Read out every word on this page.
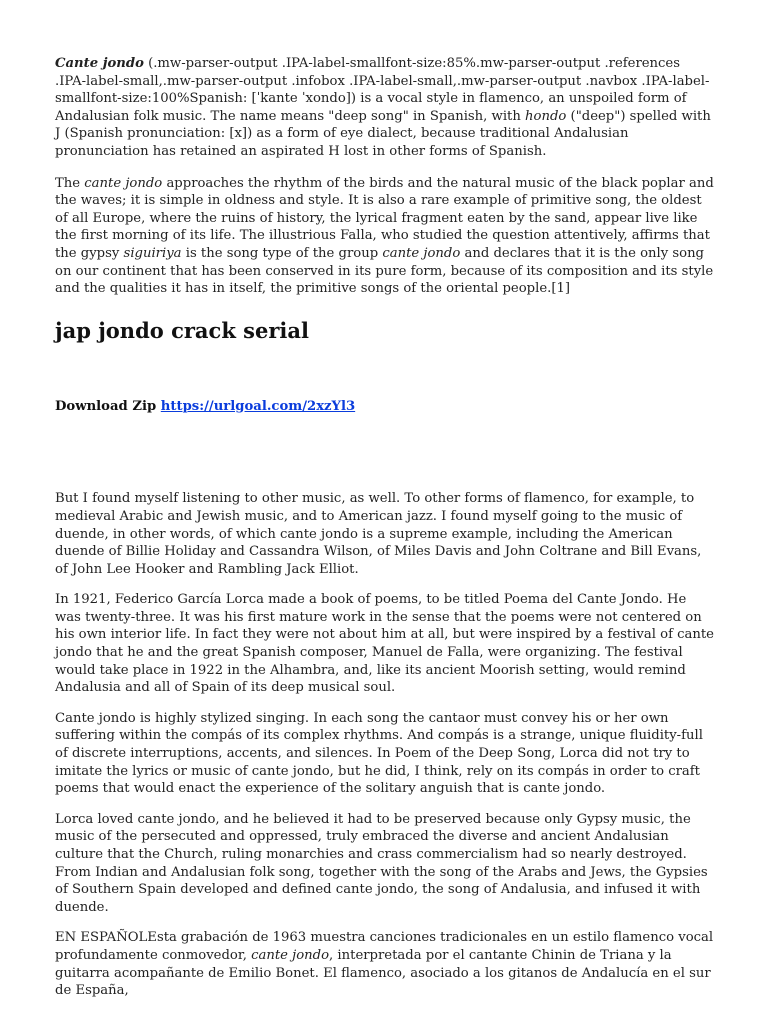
Cante jondo (.mw-parser-output .IPA-label-smallfont-size:85%.mw-parser-output .references .IPA-label-small,.mw-parser-output .infobox .IPA-label-small,.mw-parser-output .navbox .IPA-label-smallfont-size:100%Spanish: [ˈkante ˈxondo]) is a vocal style in flamenco, an unspoiled form of Andalusian folk music. The name means "deep song" in Spanish, with hondo ("deep") spelled with J (Spanish pronunciation: [x]) as a form of eye dialect, because traditional Andalusian pronunciation has retained an aspirated H lost in other forms of Spanish.

The cante jondo approaches the rhythm of the birds and the natural music of the black poplar and the waves; it is simple in oldness and style. It is also a rare example of primitive song, the oldest of all Europe, where the ruins of history, the lyrical fragment eaten by the sand, appear live like the first morning of its life. The illustrious Falla, who studied the question attentively, affirms that the gypsy siguiriya is the song type of the group cante jondo and declares that it is the only song on our continent that has been conserved in its pure form, because of its composition and its style and the qualities it has in itself, the primitive songs of the oriental people.[1]

jap jondo crack serial
Download Zip https://urlgoal.com/2xzYl3

But I found myself listening to other music, as well. To other forms of flamenco, for example, to medieval Arabic and Jewish music, and to American jazz. I found myself going to the music of duende, in other words, of which cante jondo is a supreme example, including the American duende of Billie Holiday and Cassandra Wilson, of Miles Davis and John Coltrane and Bill Evans, of John Lee Hooker and Rambling Jack Elliot.

In 1921, Federico García Lorca made a book of poems, to be titled Poema del Cante Jondo. He was twenty-three. It was his first mature work in the sense that the poems were not centered on his own interior life. In fact they were not about him at all, but were inspired by a festival of cante jondo that he and the great Spanish composer, Manuel de Falla, were organizing. The festival would take place in 1922 in the Alhambra, and, like its ancient Moorish setting, would remind Andalusia and all of Spain of its deep musical soul.

Cante jondo is highly stylized singing. In each song the cantaor must convey his or her own suffering within the compás of its complex rhythms. And compás is a strange, unique fluidity-full of discrete interruptions, accents, and silences. In Poem of the Deep Song, Lorca did not try to imitate the lyrics or music of cante jondo, but he did, I think, rely on its compás in order to craft poems that would enact the experience of the solitary anguish that is cante jondo.

Lorca loved cante jondo, and he believed it had to be preserved because only Gypsy music, the music of the persecuted and oppressed, truly embraced the diverse and ancient Andalusian culture that the Church, ruling monarchies and crass commercialism had so nearly destroyed. From Indian and Andalusian folk song, together with the song of the Arabs and Jews, the Gypsies of Southern Spain developed and defined cante jondo, the song of Andalusia, and infused it with duende.

EN ESPAÑOLEsta grabación de 1963 muestra canciones tradicionales en un estilo flamenco vocal profundamente conmovedor, cante jondo, interpretada por el cantante Chinin de Triana y la guitarra acompañante de Emilio Bonet. El flamenco, asociado a los gitanos de Andalucía en el sur de España,
